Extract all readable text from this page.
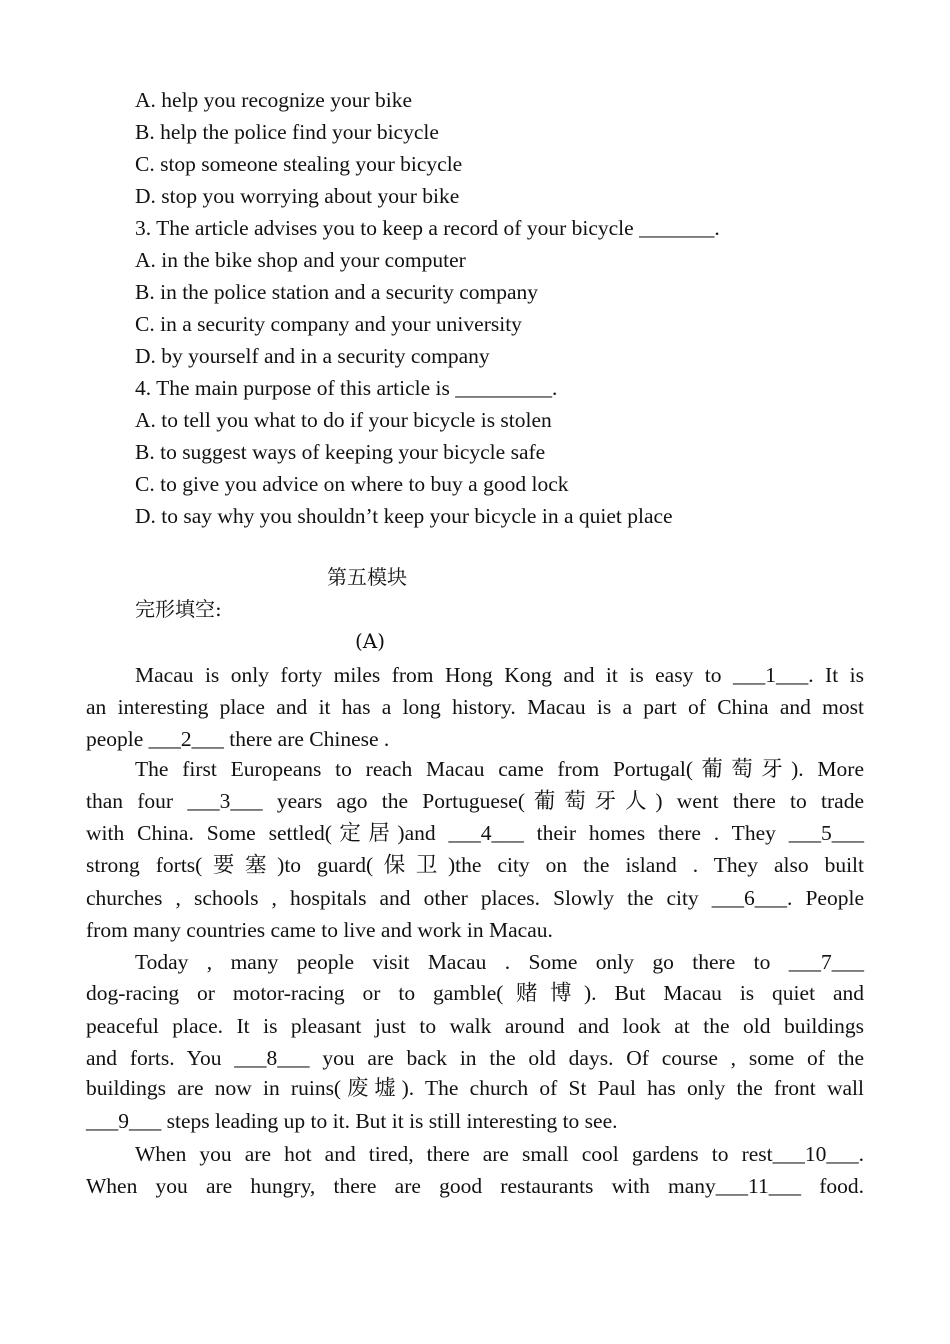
A. help you recognize your bike
B. help the police find your bicycle
C. stop someone stealing your bicycle
D. stop you worrying about your bike
3. The article advises you to keep a record of your bicycle _______.
A. in the bike shop and your computer
B. in the police station and a security company
C. in a security company and your university
D. by yourself and in a security company
4. The main purpose of this article is _________.
A. to tell you what to do if your bicycle is stolen
B. to suggest ways of keeping your bicycle safe
C. to give you advice on where to buy a good lock
D. to say why you shouldn’t keep your bicycle in a quiet place
第五模块
完形填空:
(A)
Macau is only forty miles from Hong Kong and it is easy to ___1___. It is
an interesting place and it has a long history. Macau is a part of China and most
people ___2___ there are Chinese .
The first Europeans to reach Macau came from Portugal(葡萄牙). More
than four ___3___ years ago the Portuguese(葡萄牙人) went there to trade
with China. Some settled(定居)and ___4___ their homes there . They ___5___
strong forts(要塞)to guard(保卫)the city on the island . They also built
churches , schools , hospitals and other places. Slowly the city ___6___. People
from many countries came to live and work in Macau.
Today , many people visit Macau . Some only go there to ___7___
dog-racing or motor-racing or to gamble(赌博). But Macau is quiet and
peaceful place. It is pleasant just to walk around and look at the old buildings
and forts. You ___8___ you are back in the old days. Of course , some of the
buildings are now in ruins(废墟). The church of St Paul has only the front wall
___9___ steps leading up to it. But it is still interesting to see.
When you are hot and tired, there are small cool gardens to rest___10___.
When you are hungry, there are good restaurants with many___11___ food.
